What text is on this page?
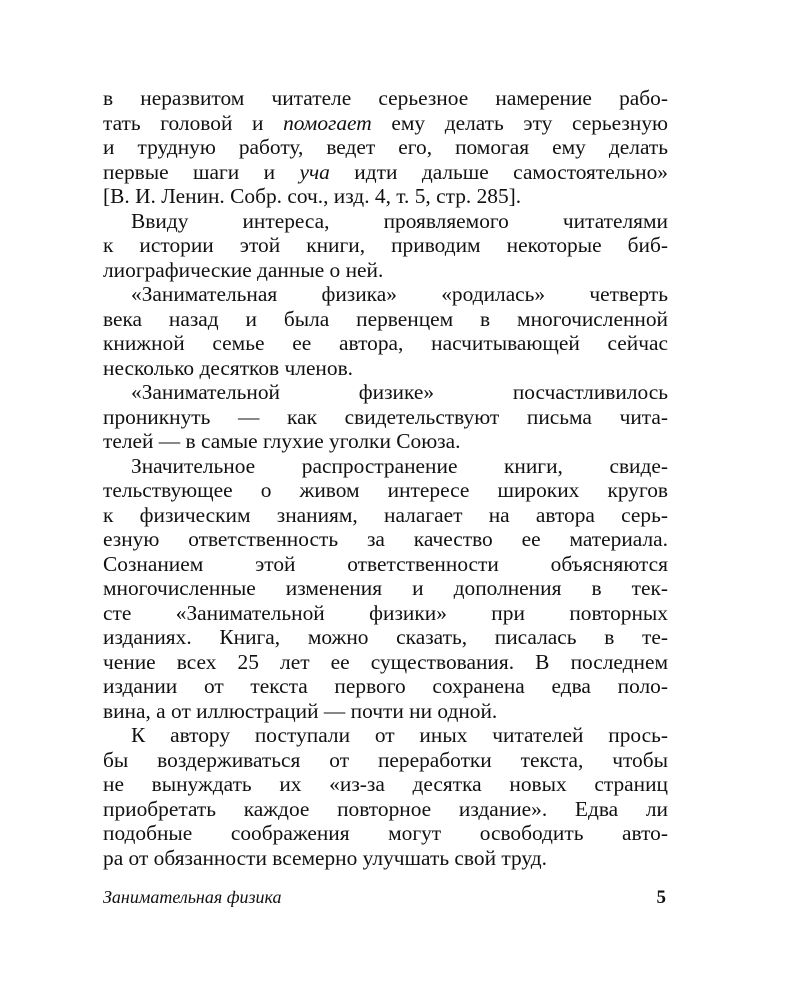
в неразвитом читателе серьезное намерение рабо-
тать головой и помогает ему делать эту серьезную
и трудную работу, ведет его, помогая ему делать
первые шаги и уча идти дальше самостоятельно»
[В. И. Ленин. Собр. соч., изд. 4, т. 5, стр. 285].
Ввиду интереса, проявляемого читателями
к истории этой книги, приводим некоторые биб-
лиографические данные о ней.
«Занимательная физика» «родилась» четверть
века назад и была первенцем в многочисленной
книжной семье ее автора, насчитывающей сейчас
несколько десятков членов.
«Занимательной физике» посчастливилось
проникнуть — как свидетельствуют письма чита-
телей — в самые глухие уголки Союза.
Значительное распространение книги, свиде-
тельствующее о живом интересе широких кругов
к физическим знаниям, налагает на автора серь-
езную ответственность за качество ее материала.
Сознанием этой ответственности объясняются
многочисленные изменения и дополнения в тек-
сте «Занимательной физики» при повторных
изданиях. Книга, можно сказать, писалась в те-
чение всех 25 лет ее существования. В последнем
издании от текста первого сохранена едва поло-
вина, а от иллюстраций — почти ни одной.
К автору поступали от иных читателей прось-
бы воздерживаться от переработки текста, чтобы
не вынуждать их «из-за десятка новых страниц
приобретать каждое повторное издание». Едва ли
подобные соображения могут освободить авто-
ра от обязанности всемерно улучшать свой труд.
Занимательная физика	5
